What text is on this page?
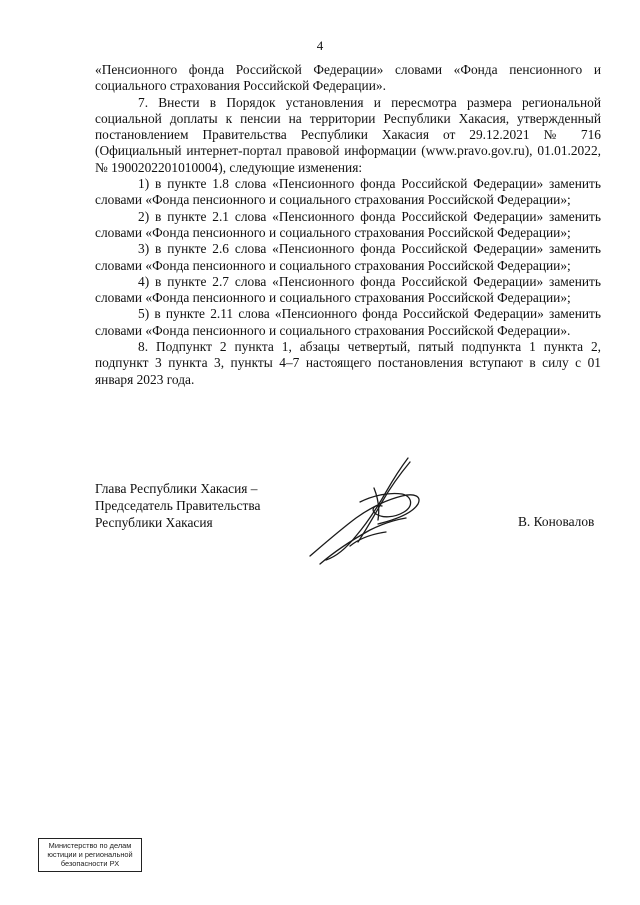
4

«Пенсионного фонда Российской Федерации» словами «Фонда пенсионного и социального страхования Российской Федерации».

7. Внести в Порядок установления и пересмотра размера региональной социальной доплаты к пенсии на территории Республики Хакасия, утвержденный постановлением Правительства Республики Хакасия от 29.12.2021 № 716 (Официальный интернет-портал правовой информации (www.pravo.gov.ru), 01.01.2022, № 1900202201010004), следующие изменения:

1) в пункте 1.8 слова «Пенсионного фонда Российской Федерации» заменить словами «Фонда пенсионного и социального страхования Российской Федерации»;

2) в пункте 2.1 слова «Пенсионного фонда Российской Федерации» заменить словами «Фонда пенсионного и социального страхования Российской Федерации»;

3) в пункте 2.6 слова «Пенсионного фонда Российской Федерации» заменить словами «Фонда пенсионного и социального страхования Российской Федерации»;

4) в пункте 2.7 слова «Пенсионного фонда Российской Федерации» заменить словами «Фонда пенсионного и социального страхования Российской Федерации»;

5) в пункте 2.11 слова «Пенсионного фонда Российской Федерации» заменить словами «Фонда пенсионного и социального страхования Российской Федерации».

8. Подпункт 2 пункта 1, абзацы четвертый, пятый подпункта 1 пункта 2, подпункт 3 пункта 3, пункты 4–7 настоящего постановления вступают в силу с 01 января 2023 года.

Глава Республики Хакасия –
Председатель Правительства
Республики Хакасия	В. Коновалов
Министерство по делам
юстиции и региональной
безопасности РХ
